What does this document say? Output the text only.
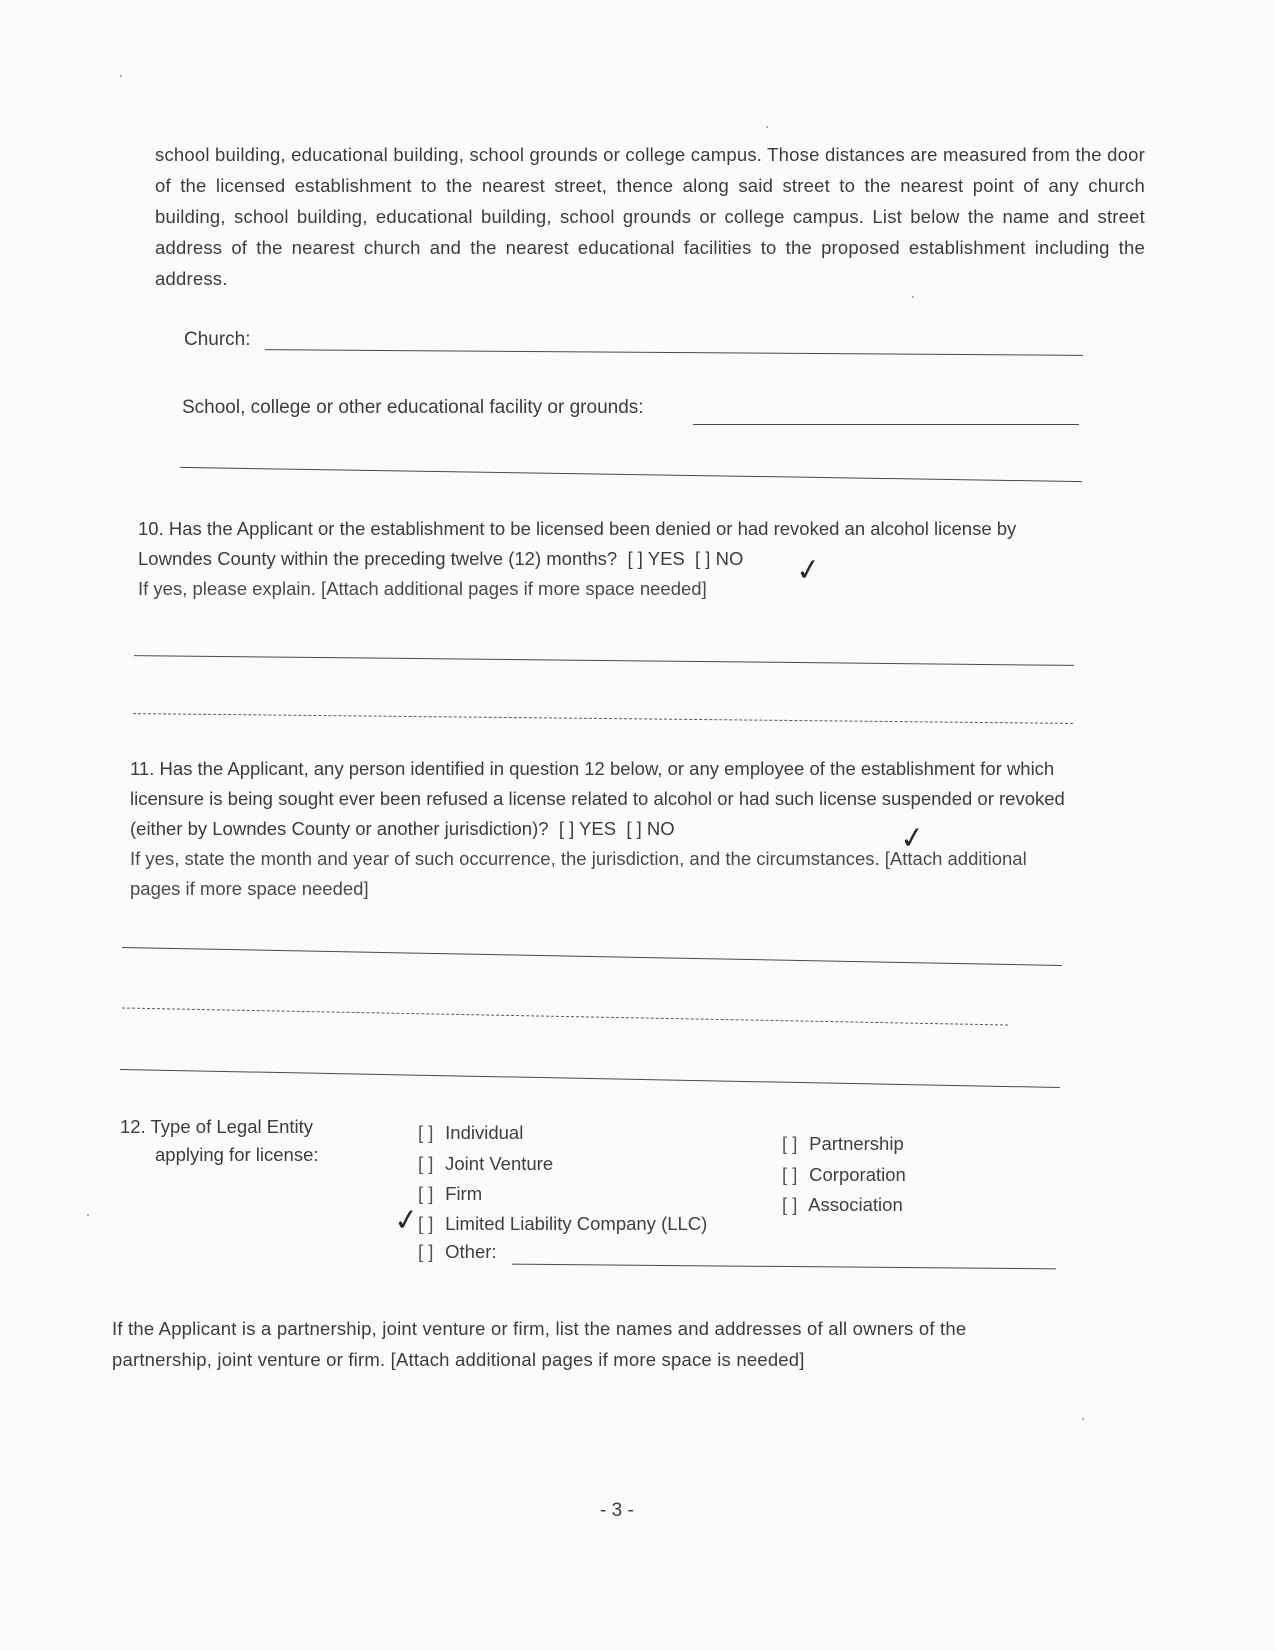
school building, educational building, school grounds or college campus. Those distances are measured from the door of the licensed establishment to the nearest street, thence along said street to the nearest point of any church building, school building, educational building, school grounds or college campus. List below the name and street address of the nearest church and the nearest educational facilities to the proposed establishment including the address.
Church:
School, college or other educational facility or grounds:
10. Has the Applicant or the establishment to be licensed been denied or had revoked an alcohol license by Lowndes County within the preceding twelve (12) months? [ ] YES [ ] NO
If yes, please explain. [Attach additional pages if more space needed]	✓
11. Has the Applicant, any person identified in question 12 below, or any employee of the establishment for which licensure is being sought ever been refused a license related to alcohol or had such license suspended or revoked (either by Lowndes County or another jurisdiction)? [ ] YES [ ] NO
If yes, state the month and year of such occurrence, the jurisdiction, and the circumstances. [Attach additional pages if more space needed]
✓
12. Type of Legal Entity
applying for license:
[ ] Individual
[ ] Joint Venture
[ ] Firm
[ ] Limited Liability Company (LLC)
✓
[ ] Other:
[ ] Partnership
[ ] Corporation
[ ] Association
If the Applicant is a partnership, joint venture or firm, list the names and addresses of all owners of the partnership, joint venture or firm. [Attach additional pages if more space is needed]
- 3 -
